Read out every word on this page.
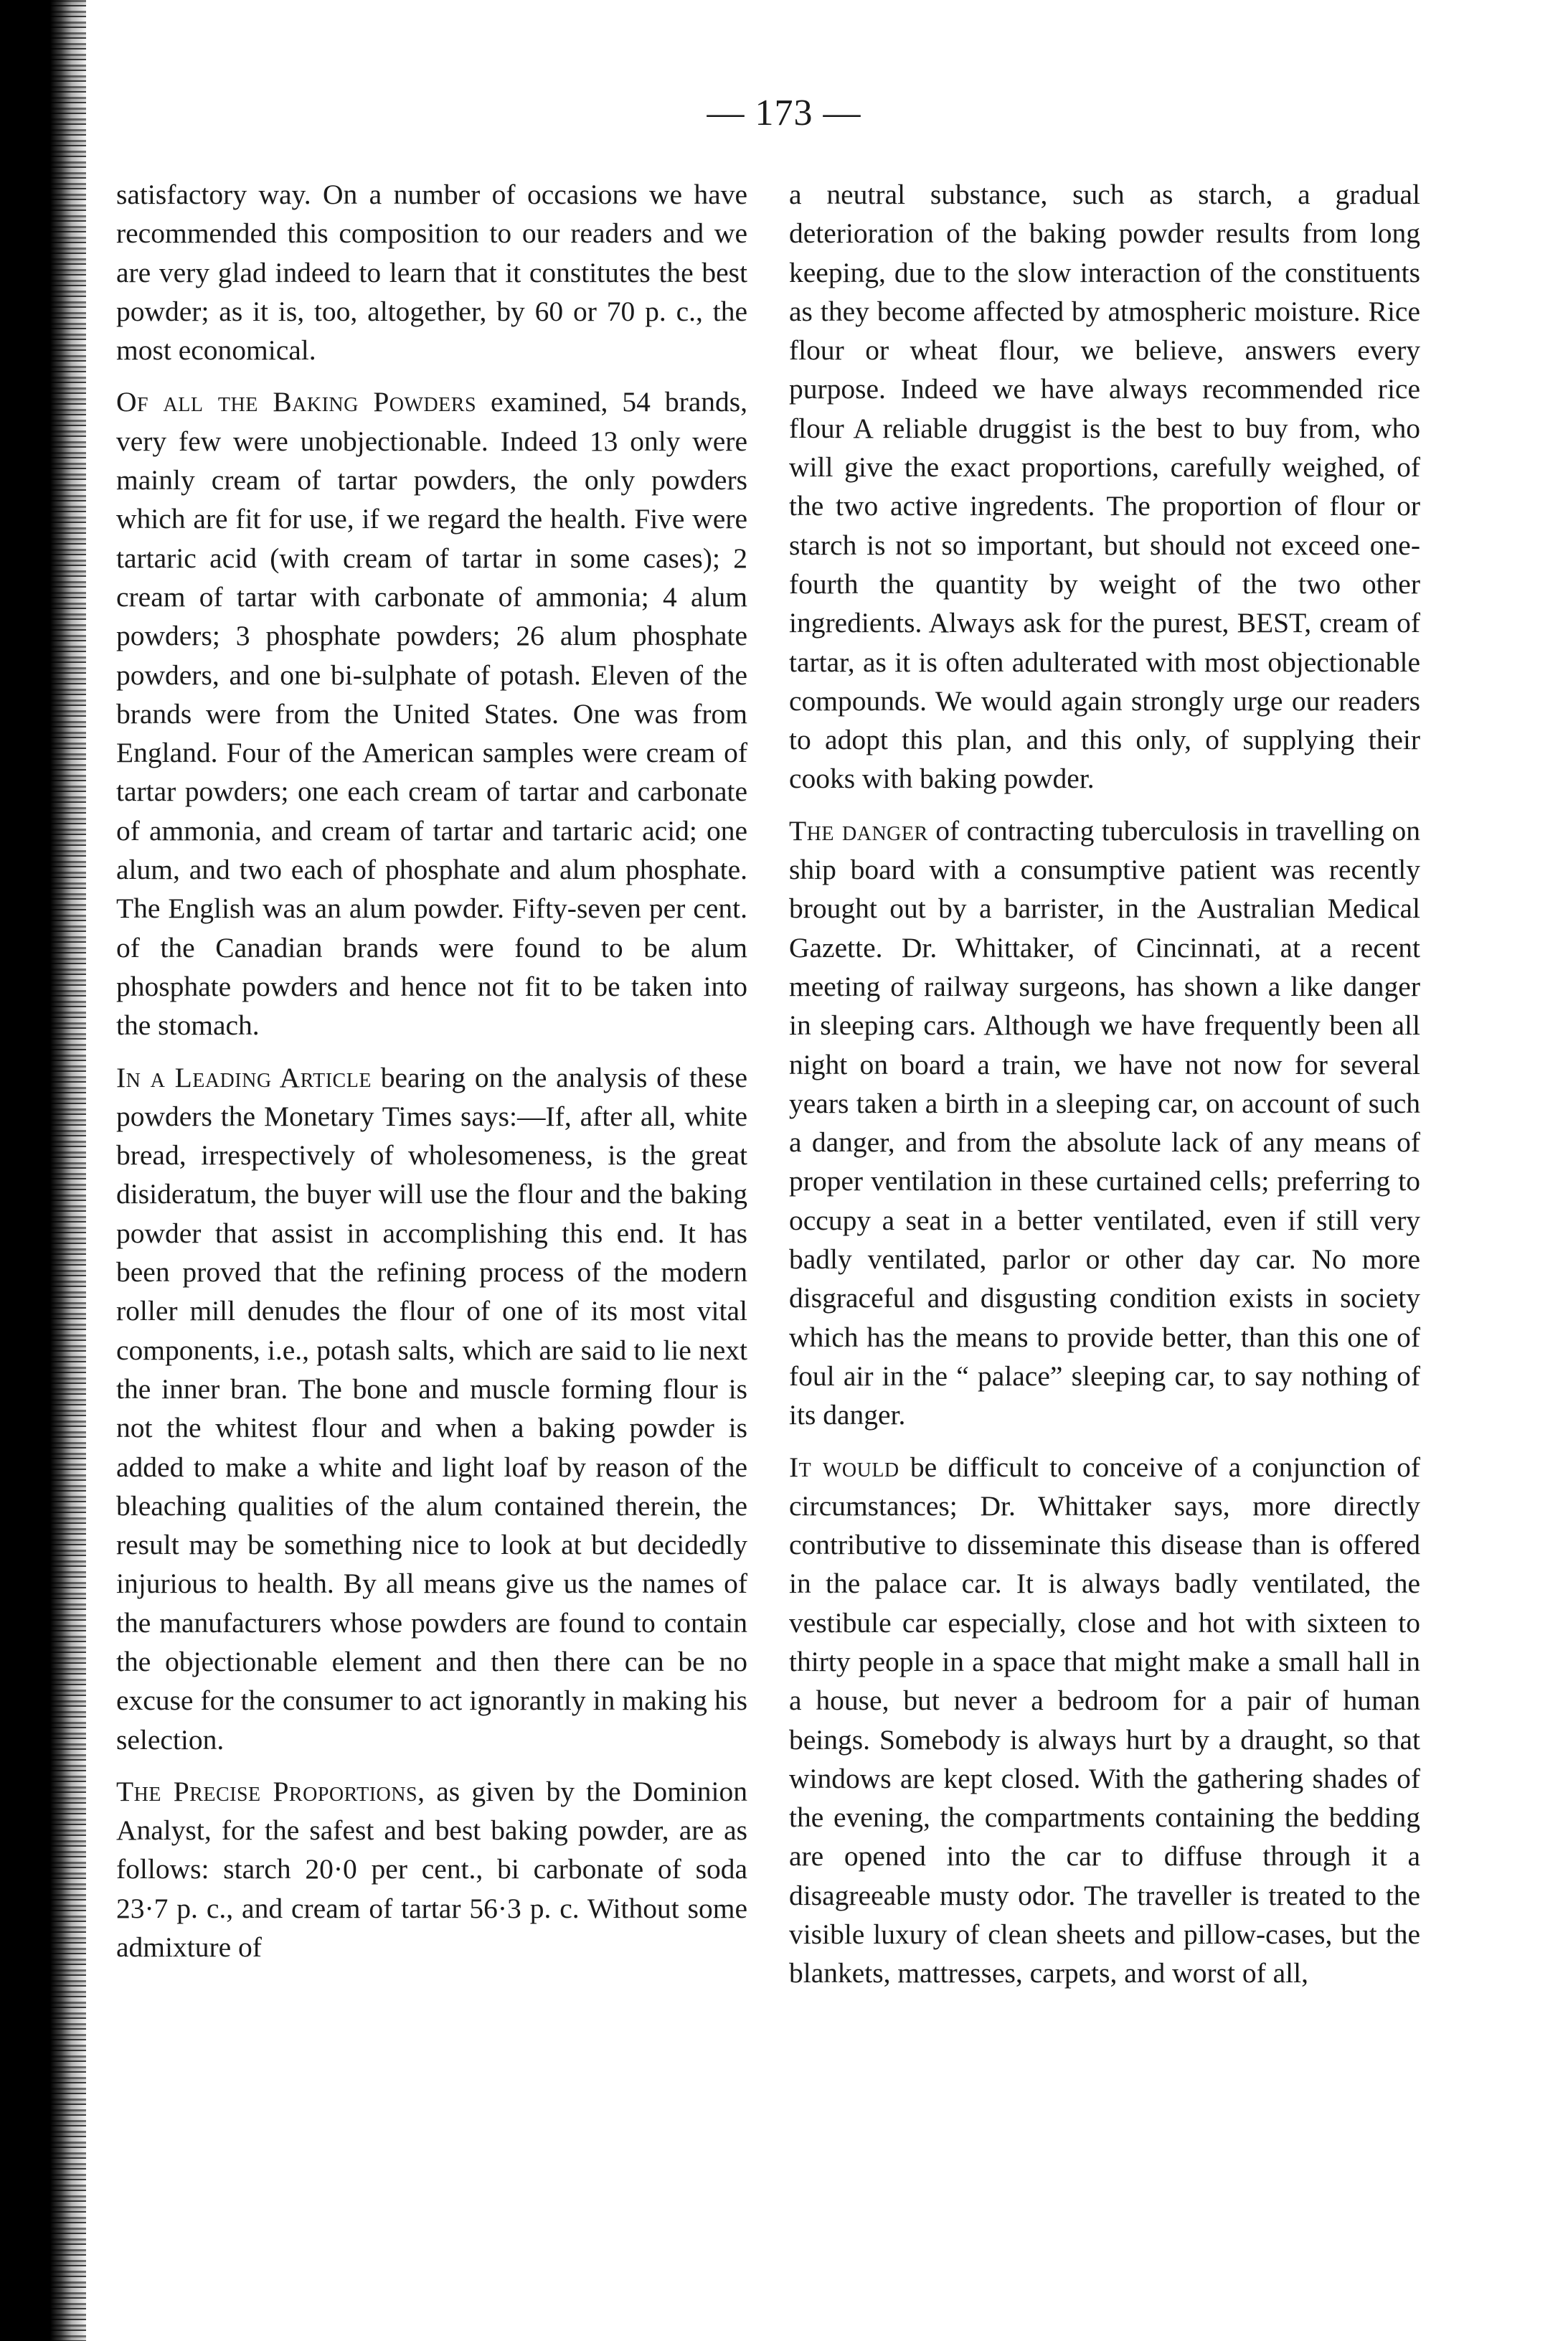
— 173 —

satisfactory way. On a number of occasions we have recommended this composition to our readers and we are very glad indeed to learn that it constitutes the best powder; as it is, too, altogether, by 60 or 70 p. c., the most economical.

Of all the Baking Powders examined, 54 brands, very few were unobjectionable. Indeed 13 only were mainly cream of tartar powders, the only powders which are fit for use, if we regard the health. Five were tartaric acid (with cream of tartar in some cases); 2 cream of tartar with carbonate of ammonia; 4 alum powders; 3 phosphate powders; 26 alum phosphate powders, and one bi-sulphate of potash. Eleven of the brands were from the United States. One was from England. Four of the American samples were cream of tartar powders; one each cream of tartar and carbonate of ammonia, and cream of tartar and tartaric acid; one alum, and two each of phosphate and alum phosphate. The English was an alum powder. Fifty-seven per cent. of the Canadian brands were found to be alum phosphate powders and hence not fit to be taken into the stomach.

In a Leading Article bearing on the analysis of these powders the Monetary Times says:—If, after all, white bread, irrespectively of wholesomeness, is the great disideratum, the buyer will use the flour and the baking powder that assist in accomplishing this end. It has been proved that the refining process of the modern roller mill denudes the flour of one of its most vital components, i.e., potash salts, which are said to lie next the inner bran. The bone and muscle forming flour is not the whitest flour and when a baking powder is added to make a white and light loaf by reason of the bleaching qualities of the alum contained therein, the result may be something nice to look at but decidedly injurious to health. By all means give us the names of the manufacturers whose powders are found to contain the objectionable element and then there can be no excuse for the consumer to act ignorantly in making his selection.

The Precise Proportions, as given by the Dominion Analyst, for the safest and best baking powder, are as follows: starch 20·0 per cent., bi carbonate of soda 23·7 p. c., and cream of tartar 56·3 p. c. Without some admixture of

a neutral substance, such as starch, a gradual deterioration of the baking powder results from long keeping, due to the slow interaction of the constituents as they become affected by atmospheric moisture. Rice flour or wheat flour, we believe, answers every purpose. Indeed we have always recommended rice flour A reliable druggist is the best to buy from, who will give the exact proportions, carefully weighed, of the two active ingredents. The proportion of flour or starch is not so important, but should not exceed one-fourth the quantity by weight of the two other ingredients. Always ask for the purest, BEST, cream of tartar, as it is often adulterated with most objectionable compounds. We would again strongly urge our readers to adopt this plan, and this only, of supplying their cooks with baking powder.

The danger of contracting tuberculosis in travelling on ship board with a consumptive patient was recently brought out by a barrister, in the Australian Medical Gazette. Dr. Whittaker, of Cincinnati, at a recent meeting of railway surgeons, has shown a like danger in sleeping cars. Although we have frequently been all night on board a train, we have not now for several years taken a birth in a sleeping car, on account of such a danger, and from the absolute lack of any means of proper ventilation in these curtained cells; preferring to occupy a seat in a better ventilated, even if still very badly ventilated, parlor or other day car. No more disgraceful and disgusting condition exists in society which has the means to provide better, than this one of foul air in the “ palace” sleeping car, to say nothing of its danger.

It would be difficult to conceive of a conjunction of circumstances; Dr. Whittaker says, more directly contributive to disseminate this disease than is offered in the palace car. It is always badly ventilated, the vestibule car especially, close and hot with sixteen to thirty people in a space that might make a small hall in a house, but never a bedroom for a pair of human beings. Somebody is always hurt by a draught, so that windows are kept closed. With the gathering shades of the evening, the compartments containing the bedding are opened into the car to diffuse through it a disagreeable musty odor. The traveller is treated to the visible luxury of clean sheets and pillow-cases, but the blankets, mattresses, carpets, and worst of all,
